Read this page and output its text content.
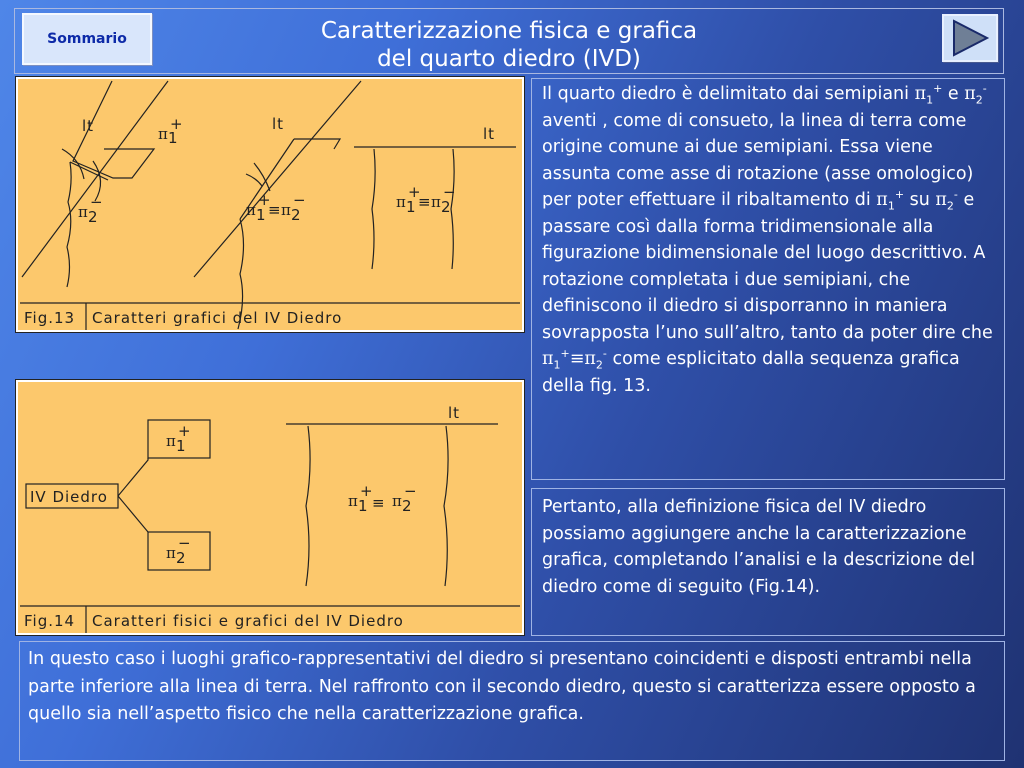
Caratterizzazione fisica e grafica
del quarto diedro (IVD)
Sommario
lt	lt
lt
π 1
+
π 2
−	π 1
+
≡ π 2
−	π 1
+
≡ π 2
−
Fig.13 Caratteri grafici del IV Diedro
IV Diedro
lt
π 1
+
π 2
−
π 1
+
≡ π 2
−
Fig.14 Caratteri fisici e grafici del IV Diedro
Il quarto diedro è delimitato dai semipiani $\pi_1^+$ e $\pi_2^-$ aventi , come di consueto, la linea di terra come origine comune ai due semipiani. Essa viene assunta come asse di rotazione (asse omologico) per poter effettuare il ribaltamento di $\pi_1^+$ su $\pi_2^-$ e passare così dalla forma tridimensionale alla figurazione bidimensionale del luogo descrittivo. A rotazione completata i due semipiani, che definiscono il diedro si disporranno in maniera sovrapposta l’uno sull’altro, tanto da poter dire che $\pi_1^+\equiv\pi_2^-$ come esplicitato dalla sequenza grafica della fig. 13.
Pertanto, alla definizione fisica del IV diedro possiamo aggiungere anche la caratterizzazione grafica, completando l’analisi e la descrizione del diedro come di seguito (Fig.14).
In questo caso i luoghi grafico-rappresentativi del diedro si presentano coincidenti e disposti entrambi nella parte inferiore alla linea di terra. Nel raffronto con il secondo diedro, questo si caratterizza essere opposto a quello sia nell’aspetto fisico che nella caratterizzazione grafica.
